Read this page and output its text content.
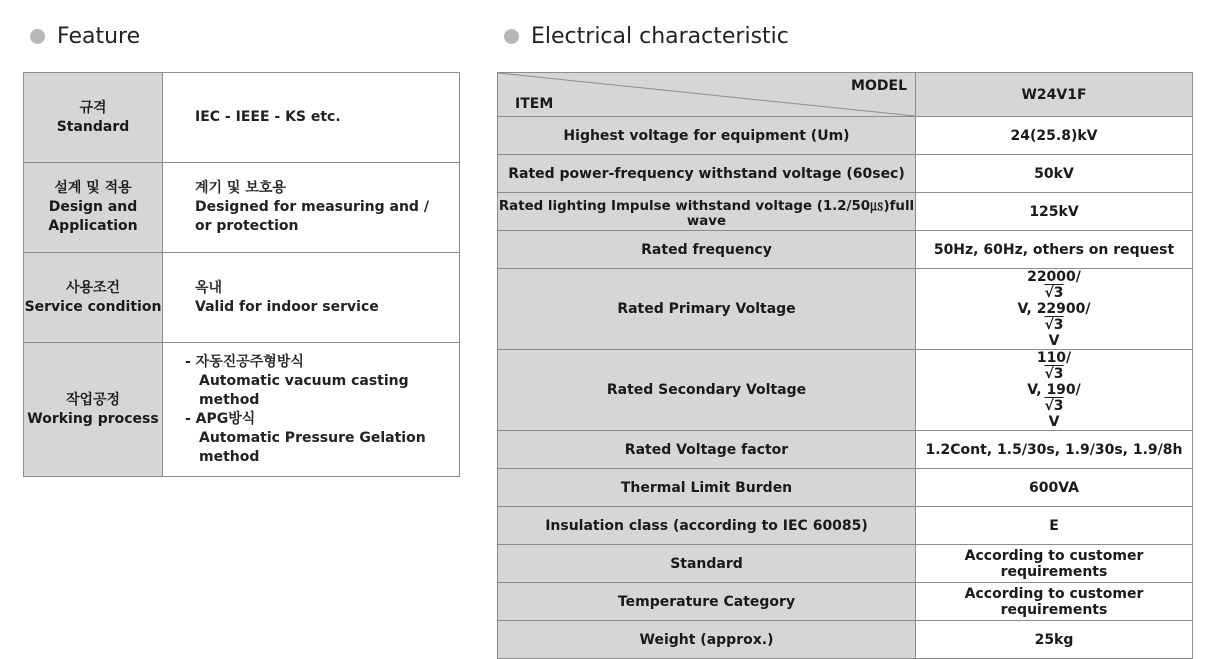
Feature	Electrical characteristic
규격
Standard	IEC - IEEE - KS etc.

설계 및 적용
Design and
Application	계기 및 보호용
Designed for measuring and /
or protection

사용조건
Service condition	옥내
Valid for indoor service

작업공정
Working process	- 자동진공주형방식
Automatic vacuum casting method
- APG방식
Automatic Pressure Gelation method
MODEL
ITEM	W24V1F
Highest voltage for equipment (Um)	24(25.8)kV
Rated power-frequency withstand voltage (60sec)	50kV
Rated lighting Impulse withstand voltage (1.2/50㎲)full wave	125kV
Rated frequency	50Hz, 60Hz, others on request
Rated Primary Voltage	22000/
√3
V, 22900/
√3
V

Rated Secondary Voltage	110/
√3
V, 190/
√3
V

Rated Voltage factor	1.2Cont, 1.5/30s, 1.9/30s, 1.9/8h
Thermal Limit Burden	600VA
Insulation class (according to IEC 60085)	E
Standard	According to customer requirements
Temperature Category	According to customer requirements
Weight (approx.)	25kg
